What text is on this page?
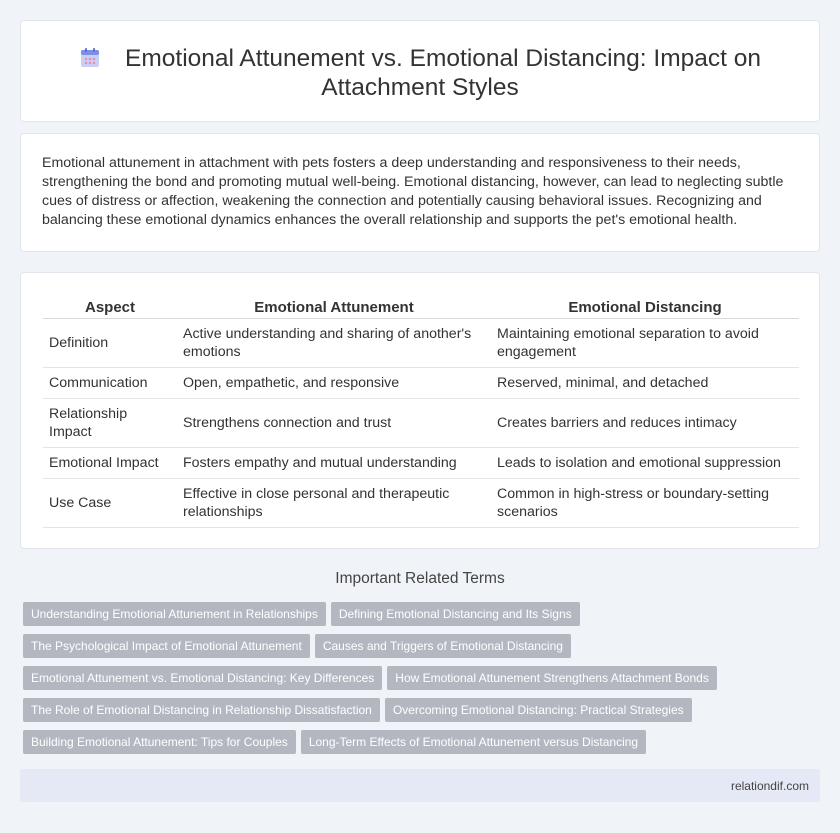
Emotional Attunement vs. Emotional Distancing: Impact on Attachment Styles

Emotional attunement in attachment with pets fosters a deep understanding and responsiveness to their needs, strengthening the bond and promoting mutual well-being. Emotional distancing, however, can lead to neglecting subtle cues of distress or affection, weakening the connection and potentially causing behavioral issues. Recognizing and balancing these emotional dynamics enhances the overall relationship and supports the pet's emotional health.

Aspect	Emotional Attunement	Emotional Distancing
Definition	Active understanding and sharing of another's emotions	Maintaining emotional separation to avoid engagement
Communication	Open, empathetic, and responsive	Reserved, minimal, and detached
Relationship Impact	Strengthens connection and trust	Creates barriers and reduces intimacy
Emotional Impact	Fosters empathy and mutual understanding	Leads to isolation and emotional suppression
Use Case	Effective in close personal and therapeutic relationships	Common in high-stress or boundary-setting scenarios
Important Related Terms
Understanding Emotional Attunement in Relationships Defining Emotional Distancing and Its Signs
The Psychological Impact of Emotional Attunement Causes and Triggers of Emotional Distancing
Emotional Attunement vs. Emotional Distancing: Key Differences How Emotional Attunement Strengthens Attachment Bonds
The Role of Emotional Distancing in Relationship Dissatisfaction Overcoming Emotional Distancing: Practical Strategies
Building Emotional Attunement: Tips for Couples Long-Term Effects of Emotional Attunement versus Distancing
relationdif.com
